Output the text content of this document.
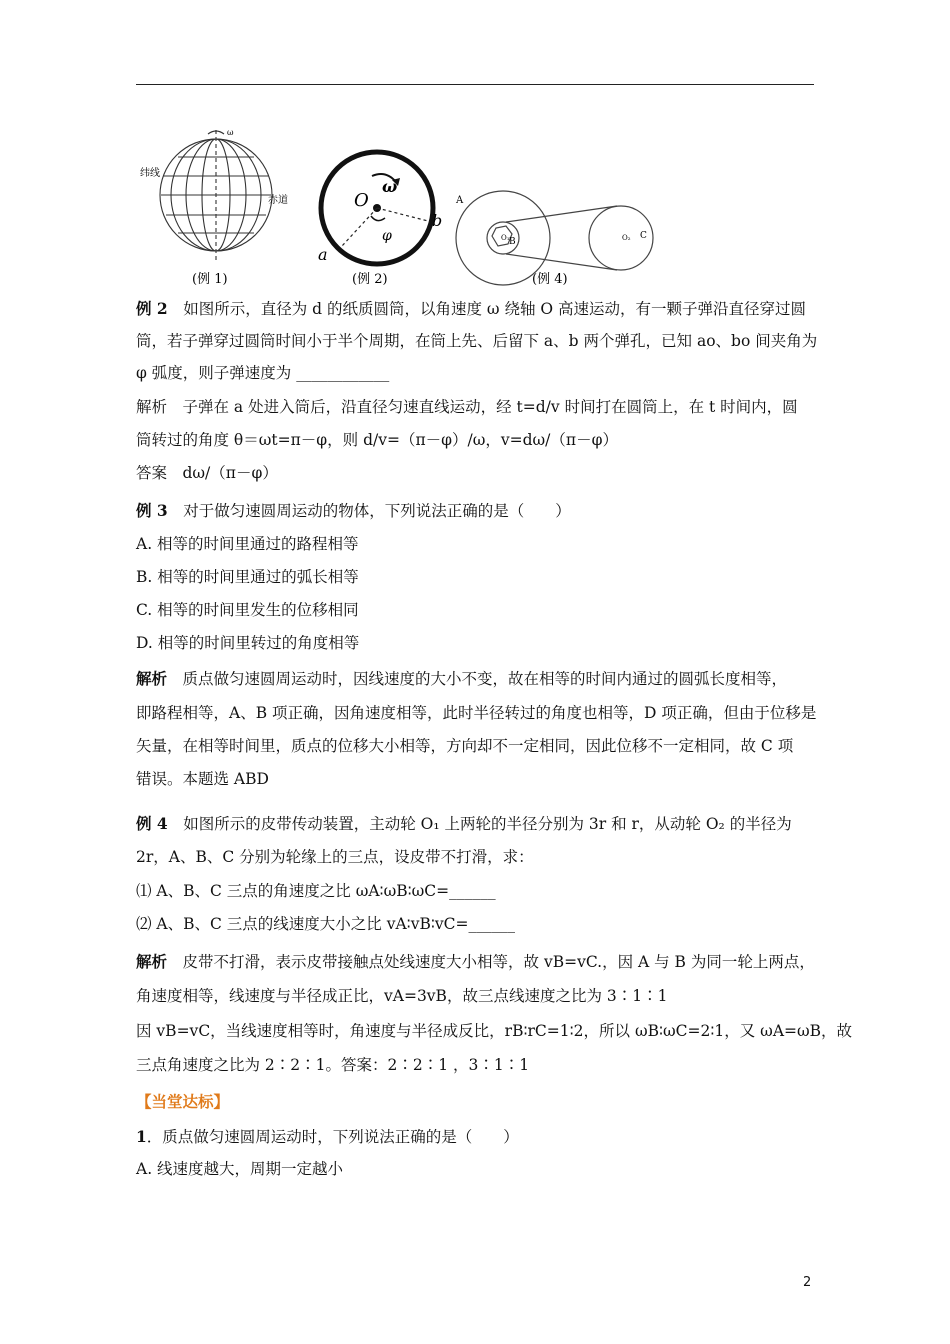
纬线
赤道
ω
(例 1)
O
ω
b
a
φ
(例 2)
A
B
O₁	O₂ C
(例 4)
例 2　如图所示，直径为 d 的纸质圆筒，以角速度 ω 绕轴 O 高速运动，有一颗子弹沿直径穿过圆
筒，若子弹穿过圆筒时间小于半个周期，在筒上先、后留下 a、b 两个弹孔，已知 ao、bo 间夹角为
φ 弧度，则子弹速度为 ____________
解析　子弹在 a 处进入筒后，沿直径匀速直线运动，经 t=d/v 时间打在圆筒上，在 t 时间内，圆
筒转过的角度 θ＝ωt=π－φ，则 d/v=（π－φ）/ω，v=dω/（π－φ）
答案　dω/（π－φ）
例 3　对于做匀速圆周运动的物体，下列说法正确的是（　　）
A. 相等的时间里通过的路程相等
B. 相等的时间里通过的弧长相等
C. 相等的时间里发生的位移相同
D. 相等的时间里转过的角度相等
解析　质点做匀速圆周运动时，因线速度的大小不变，故在相等的时间内通过的圆弧长度相等，
即路程相等，A、B 项正确，因角速度相等，此时半径转过的角度也相等，D 项正确，但由于位移是
矢量，在相等时间里，质点的位移大小相等，方向却不一定相同，因此位移不一定相同，故 C 项
错误。本题选 ABD
例 4　如图所示的皮带传动装置，主动轮 O₁ 上两轮的半径分别为 3r 和 r，从动轮 O₂ 的半径为
2r，A、B、C 分别为轮缘上的三点，设皮带不打滑，求：
⑴ A、B、C 三点的角速度之比 ωA∶ωB∶ωC=______
⑵ A、B、C 三点的线速度大小之比 vA∶vB∶vC=______
解析　皮带不打滑，表示皮带接触点处线速度大小相等，故 vB=vC.，因 A 与 B 为同一轮上两点，
角速度相等，线速度与半径成正比，vA=3vB，故三点线速度之比为 3∶1∶1
因 vB=vC，当线速度相等时，角速度与半径成反比，rB∶rC=1∶2，所以 ωB∶ωC=2∶1，又 ωA=ωB，故
三点角速度之比为 2∶2∶1。答案：2∶2∶1 ，3∶1∶1
【当堂达标】
1．质点做匀速圆周运动时，下列说法正确的是（　　）
A. 线速度越大，周期一定越小
2
